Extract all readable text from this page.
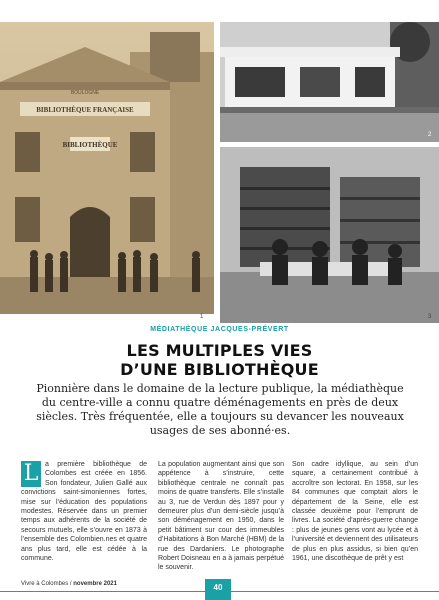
BOULOGNE
BIBLIOTHÈQUE FRANÇAISE
BIBLIOTHÈQUE
1
2
3
MÉDIATHÈQUE JACQUES-PRÉVERT
LES MULTIPLES VIES
D’UNE BIBLIOTHÈQUE

Pionnière dans le domaine de la lecture publique, la médiathèque du centre-ville a connu quatre déménagements en près de deux siècles. Très fréquentée, elle a toujours su devancer les nouveaux usages de ses abonné·es.

L a première bibliothèque de Colombes est créée en 1856. Son fondateur, Julien Gallé aux convictions saint-simoniennes fortes, mise sur l’éducation des populations modestes. Réservée dans un premier temps aux adhérents de la société de secours mutuels, elle s’ouvre en 1873 à l’ensemble des Colombien.nes et quatre ans plus tard, elle est cédée à la commune.
La population augmentant ainsi que son appétence à s’instruire, cette bibliothèque centrale ne connaît pas moins de quatre transferts. Elle s’installe au 3, rue de Verdun dès 1897 pour y demeurer plus d’un demi-siècle jusqu’à son déménagement en 1950, dans le petit bâtiment sur cour des immeubles d’Habitations à Bon Marché (HBM) de la rue des Dardaniers. Le photographe Robert Doisneau en a à jamais perpétué le souvenir.
Son cadre idyllique, au sein d’un square, a certainement contribué à accroître son lectorat. En 1958, sur les 84 communes que comptait alors le département de la Seine, elle est classée deuxième pour l’emprunt de livres. La société d’après-guerre change : plus de jeunes gens vont au lycée et à l’université et deviennent des utilisateurs de plus en plus assidus, si bien qu’en 1961, une discothèque de prêt y est
Vivre à Colombes / novembre 2021	40
